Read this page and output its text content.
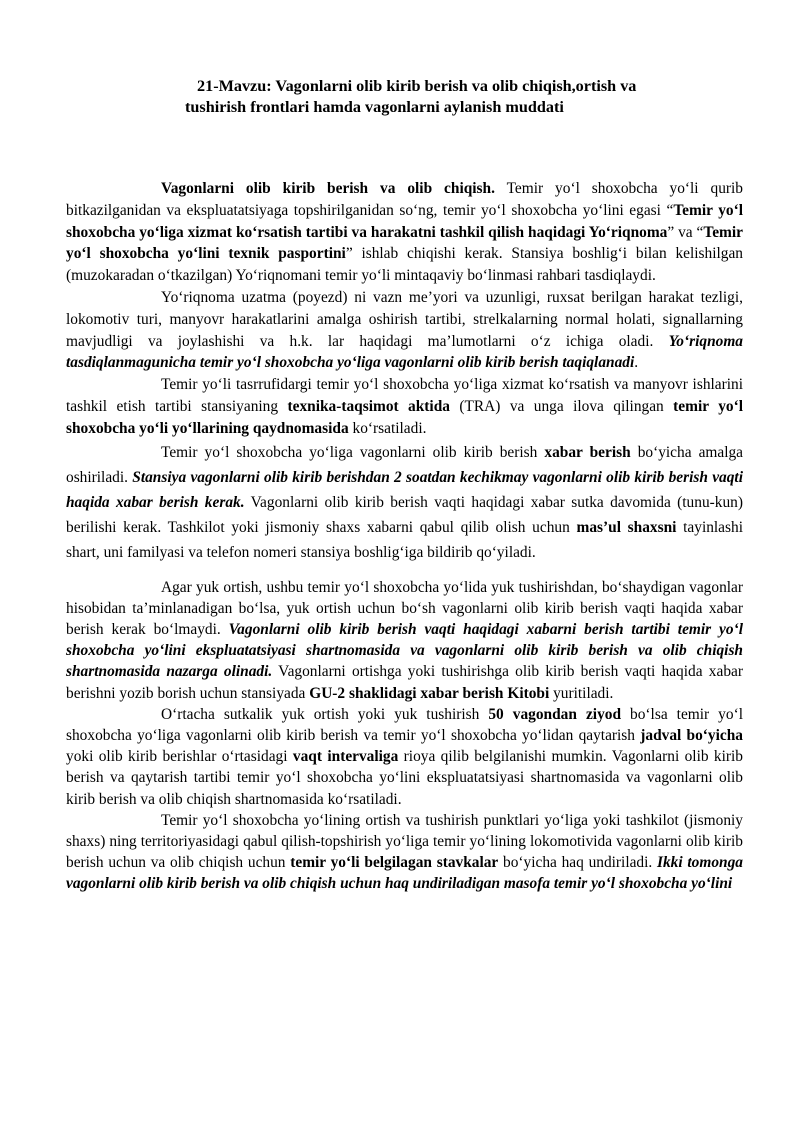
21-Mavzu: Vagonlarni olib kirib berish va olib chiqish,ortish va
tushirish frontlari hamda vagonlarni aylanish muddati

Vagonlarni olib kirib berish va olib chiqish. Temir yo‘l shoxobcha yo‘li qurib bitkazilganidan va ekspluatatsiyaga topshirilganidan so‘ng, temir yo‘l shoxobcha yo‘lini egasi “Temir yo‘l shoxobcha yo‘liga xizmat ko‘rsatish tartibi va harakatni tashkil qilish haqidagi Yo‘riqnoma” va “Temir yo‘l shoxobcha yo‘lini texnik pasportini” ishlab chiqishi kerak. Stansiya boshlig‘i bilan kelishilgan (muzokaradan o‘tkazilgan) Yo‘riqnomani temir yo‘li mintaqaviy bo‘linmasi rahbari tasdiqlaydi.

Yo‘riqnoma uzatma (poyezd) ni vazn me’yori va uzunligi, ruxsat berilgan harakat tezligi, lokomotiv turi, manyovr harakatlarini amalga oshirish tartibi, strelkalarning normal holati, signallarning mavjudligi va joylashishi va h.k. lar haqidagi ma’lumotlarni o‘z ichiga oladi. Yo‘riqnoma tasdiqlanmagunicha temir yo‘l shoxobcha yo‘liga vagonlarni olib kirib berish taqiqlanadi.

Temir yo‘li tasrrufidargi temir yo‘l shoxobcha yo‘liga xizmat ko‘rsatish va manyovr ishlarini tashkil etish tartibi stansiyaning texnika-taqsimot aktida (TRA) va unga ilova qilingan temir yo‘l shoxobcha yo‘li yo‘llarining qaydnomasida ko‘rsatiladi.

Temir yo‘l shoxobcha yo‘liga vagonlarni olib kirib berish xabar berish bo‘yicha amalga oshiriladi. Stansiya vagonlarni olib kirib berishdan 2 soatdan kechikmay vagonlarni olib kirib berish vaqti haqida xabar berish kerak. Vagonlarni olib kirib berish vaqti haqidagi xabar sutka davomida (tunu-kun) berilishi kerak. Tashkilot yoki jismoniy shaxs xabarni qabul qilib olish uchun mas’ul shaxsni tayinlashi shart, uni familyasi va telefon nomeri stansiya boshlig‘iga bildirib qo‘yiladi.

Agar yuk ortish, ushbu temir yo‘l shoxobcha yo‘lida yuk tushirishdan, bo‘shaydigan vagonlar hisobidan ta’minlanadigan bo‘lsa, yuk ortish uchun bo‘sh vagonlarni olib kirib berish vaqti haqida xabar berish kerak bo‘lmaydi. Vagonlarni olib kirib berish vaqti haqidagi xabarni berish tartibi temir yo‘l shoxobcha yo‘lini ekspluatatsiyasi shartnomasida va vagonlarni olib kirib berish va olib chiqish shartnomasida nazarga olinadi. Vagonlarni ortishga yoki tushirishga olib kirib berish vaqti haqida xabar berishni yozib borish uchun stansiyada GU-2 shaklidagi xabar berish Kitobi yuritiladi.

O‘rtacha sutkalik yuk ortish yoki yuk tushirish 50 vagondan ziyod bo‘lsa temir yo‘l shoxobcha yo‘liga vagonlarni olib kirib berish va temir yo‘l shoxobcha yo‘lidan qaytarish jadval bo‘yicha yoki olib kirib berishlar o‘rtasidagi vaqt intervaliga rioya qilib belgilanishi mumkin. Vagonlarni olib kirib berish va qaytarish tartibi temir yo‘l shoxobcha yo‘lini ekspluatatsiyasi shartnomasida va vagonlarni olib kirib berish va olib chiqish shartnomasida ko‘rsatiladi.

Temir yo‘l shoxobcha yo‘lining ortish va tushirish punktlari yo‘liga yoki tashkilot (jismoniy shaxs) ning territoriyasidagi qabul qilish-topshirish yo‘liga temir yo‘lining lokomotivida vagonlarni olib kirib berish uchun va olib chiqish uchun temir yo‘li belgilagan stavkalar bo‘yicha haq undiriladi. Ikki tomonga vagonlarni olib kirib berish va olib chiqish uchun haq undiriladigan masofa temir yo‘l shoxobcha yo‘lini
